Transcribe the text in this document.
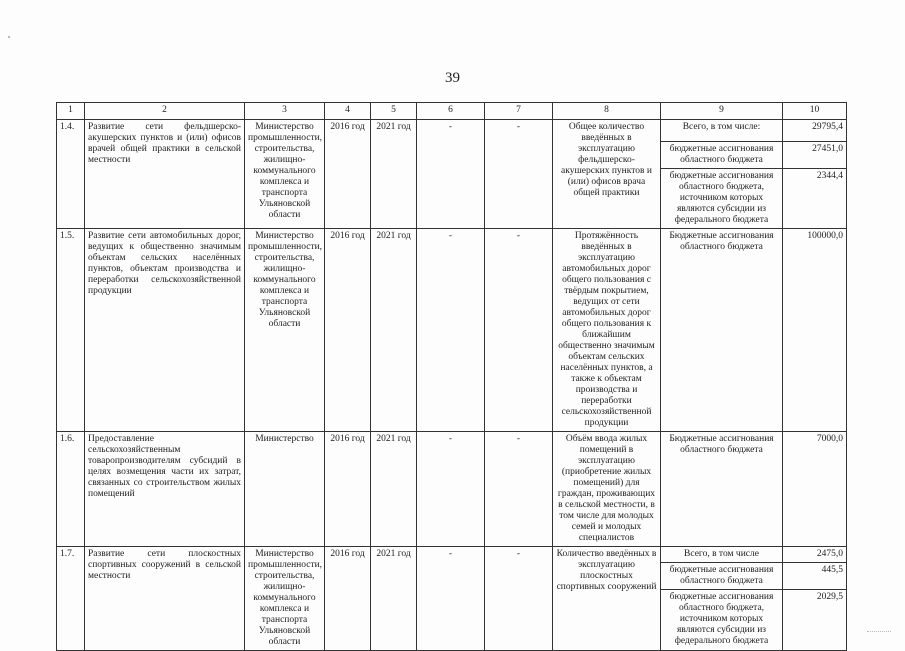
39
1	2	3	4	5	6	7	8	9	10
1.4.	Развитие сети фельдшерско-акушерских пунктов и (или) офисов врачей общей практики в сельской местности	Министерство промышленности, строительства, жилищно-коммунального комплекса и транспорта Ульяновской области	2016 год	2021 год	-	-	Общее количество введённых в эксплуатацию фельдшерско-акушерских пунктов и (или) офисов врача общей практики	Всего, в том числе:	29795,4
								бюджетные ассигнования областного бюджета	27451,0
								бюджетные ассигнования областного бюджета, источником которых являются субсидии из федерального бюджета	2344,4
1.5.	Развитие сети автомобильных дорог, ведущих к общественно значимым объектам сельских населённых пунктов, объектам производства и переработки сельскохозяйственной продукции	Министерство промышленности, строительства, жилищно-коммунального комплекса и транспорта Ульяновской области	2016 год	2021 год	-	-	Протяжённость введённых в эксплуатацию автомобильных дорог общего пользования с твёрдым покрытием, ведущих от сети автомобильных дорог общего пользования к ближайшим общественно значимым объектам сельских населённых пунктов, а также к объектам производства и переработки сельскохозяйственной продукции	Бюджетные ассигнования областного бюджета	100000,0
1.6.	Предоставление сельскохозяйственным товаропроизводителям субсидий в целях возмещения части их затрат, связанных со строительством жилых помещений	Министерство	2016 год	2021 год	-	-	Объём ввода жилых помещений в эксплуатацию (приобретение жилых помещений) для граждан, проживающих в сельской местности, в том числе для молодых семей и молодых специалистов	Бюджетные ассигнования областного бюджета	7000,0
1.7.	Развитие сети плоскостных спортивных сооружений в сельской местности	Министерство промышленности, строительства, жилищно-коммунального комплекса и транспорта Ульяновской области	2016 год	2021 год	-	-	Количество введённых в эксплуатацию плоскостных спортивных сооружений	Всего, в том числе	2475,0
								бюджетные ассигнования областного бюджета	445,5
								бюджетные ассигнования областного бюджета, источником которых являются субсидии из федерального бюджета	2029,5
